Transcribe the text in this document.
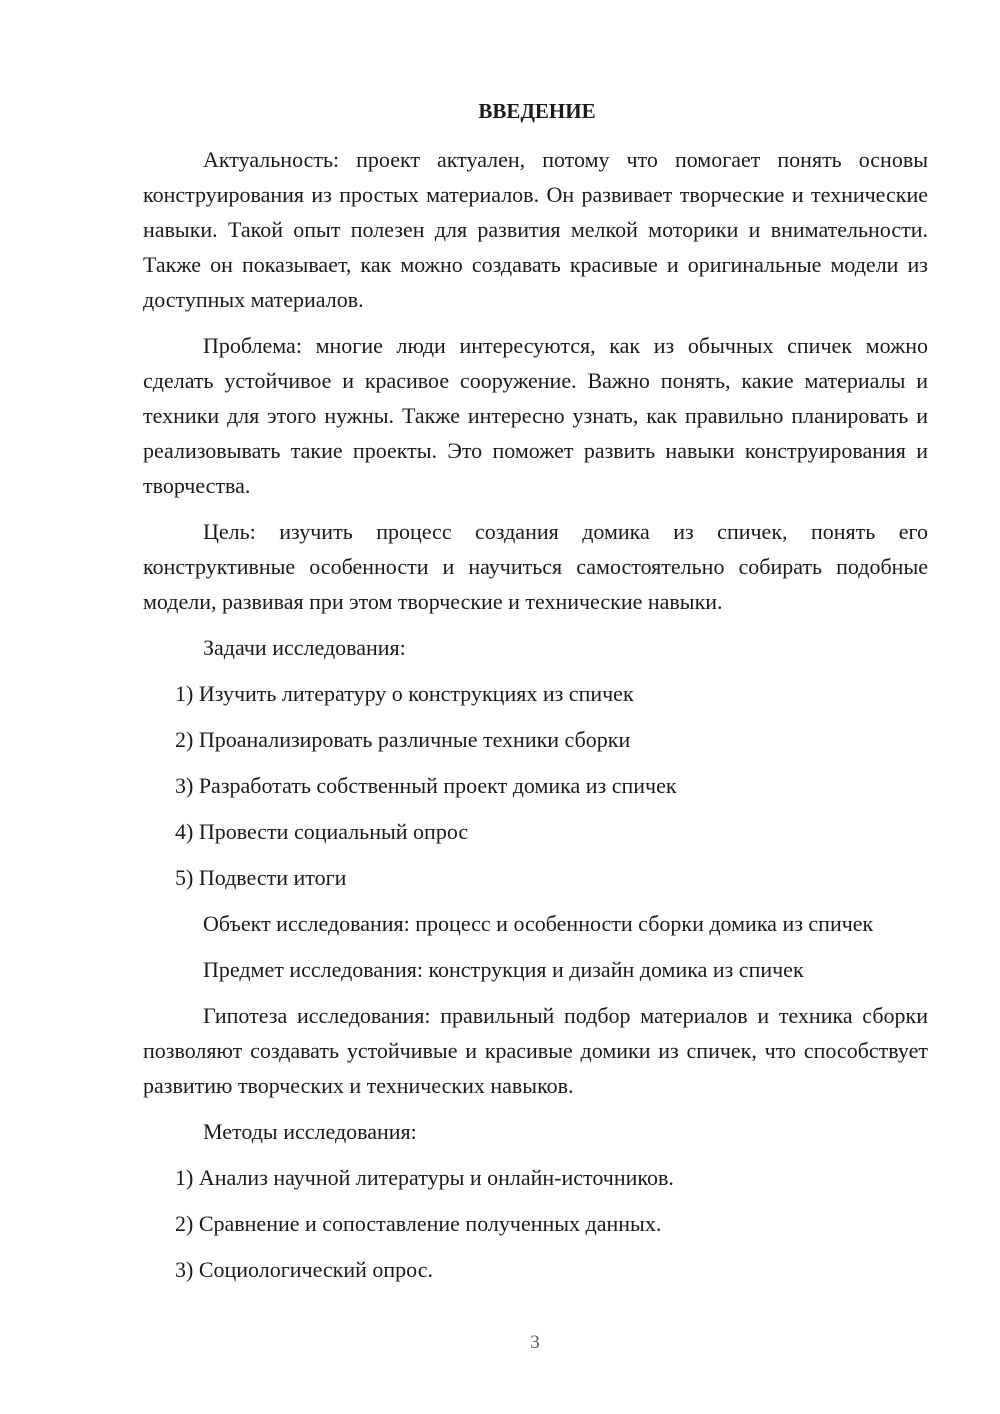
ВВЕДЕНИЕ

Актуальность: проект актуален, потому что помогает понять основы конструирования из простых материалов. Он развивает творческие и технические навыки. Такой опыт полезен для развития мелкой моторики и внимательности. Также он показывает, как можно создавать красивые и оригинальные модели из доступных материалов.

Проблема: многие люди интересуются, как из обычных спичек можно сделать устойчивое и красивое сооружение. Важно понять, какие материалы и техники для этого нужны. Также интересно узнать, как правильно планировать и реализовывать такие проекты. Это поможет развить навыки конструирования и творчества.

Цель: изучить процесс создания домика из спичек, понять его конструктивные особенности и научиться самостоятельно собирать подобные модели, развивая при этом творческие и технические навыки.

Задачи исследования:

1) Изучить литературу о конструкциях из спичек
2) Проанализировать различные техники сборки
3) Разработать собственный проект домика из спичек
4) Провести социальный опрос
5) Подвести итоги

Объект исследования: процесс и особенности сборки домика из спичек

Предмет исследования: конструкция и дизайн домика из спичек

Гипотеза исследования: правильный подбор материалов и техника сборки позволяют создавать устойчивые и красивые домики из спичек, что способствует развитию творческих и технических навыков.

Методы исследования:

1) Анализ научной литературы и онлайн-источников.
2) Сравнение и сопоставление полученных данных.
3) Социологический опрос.
3
